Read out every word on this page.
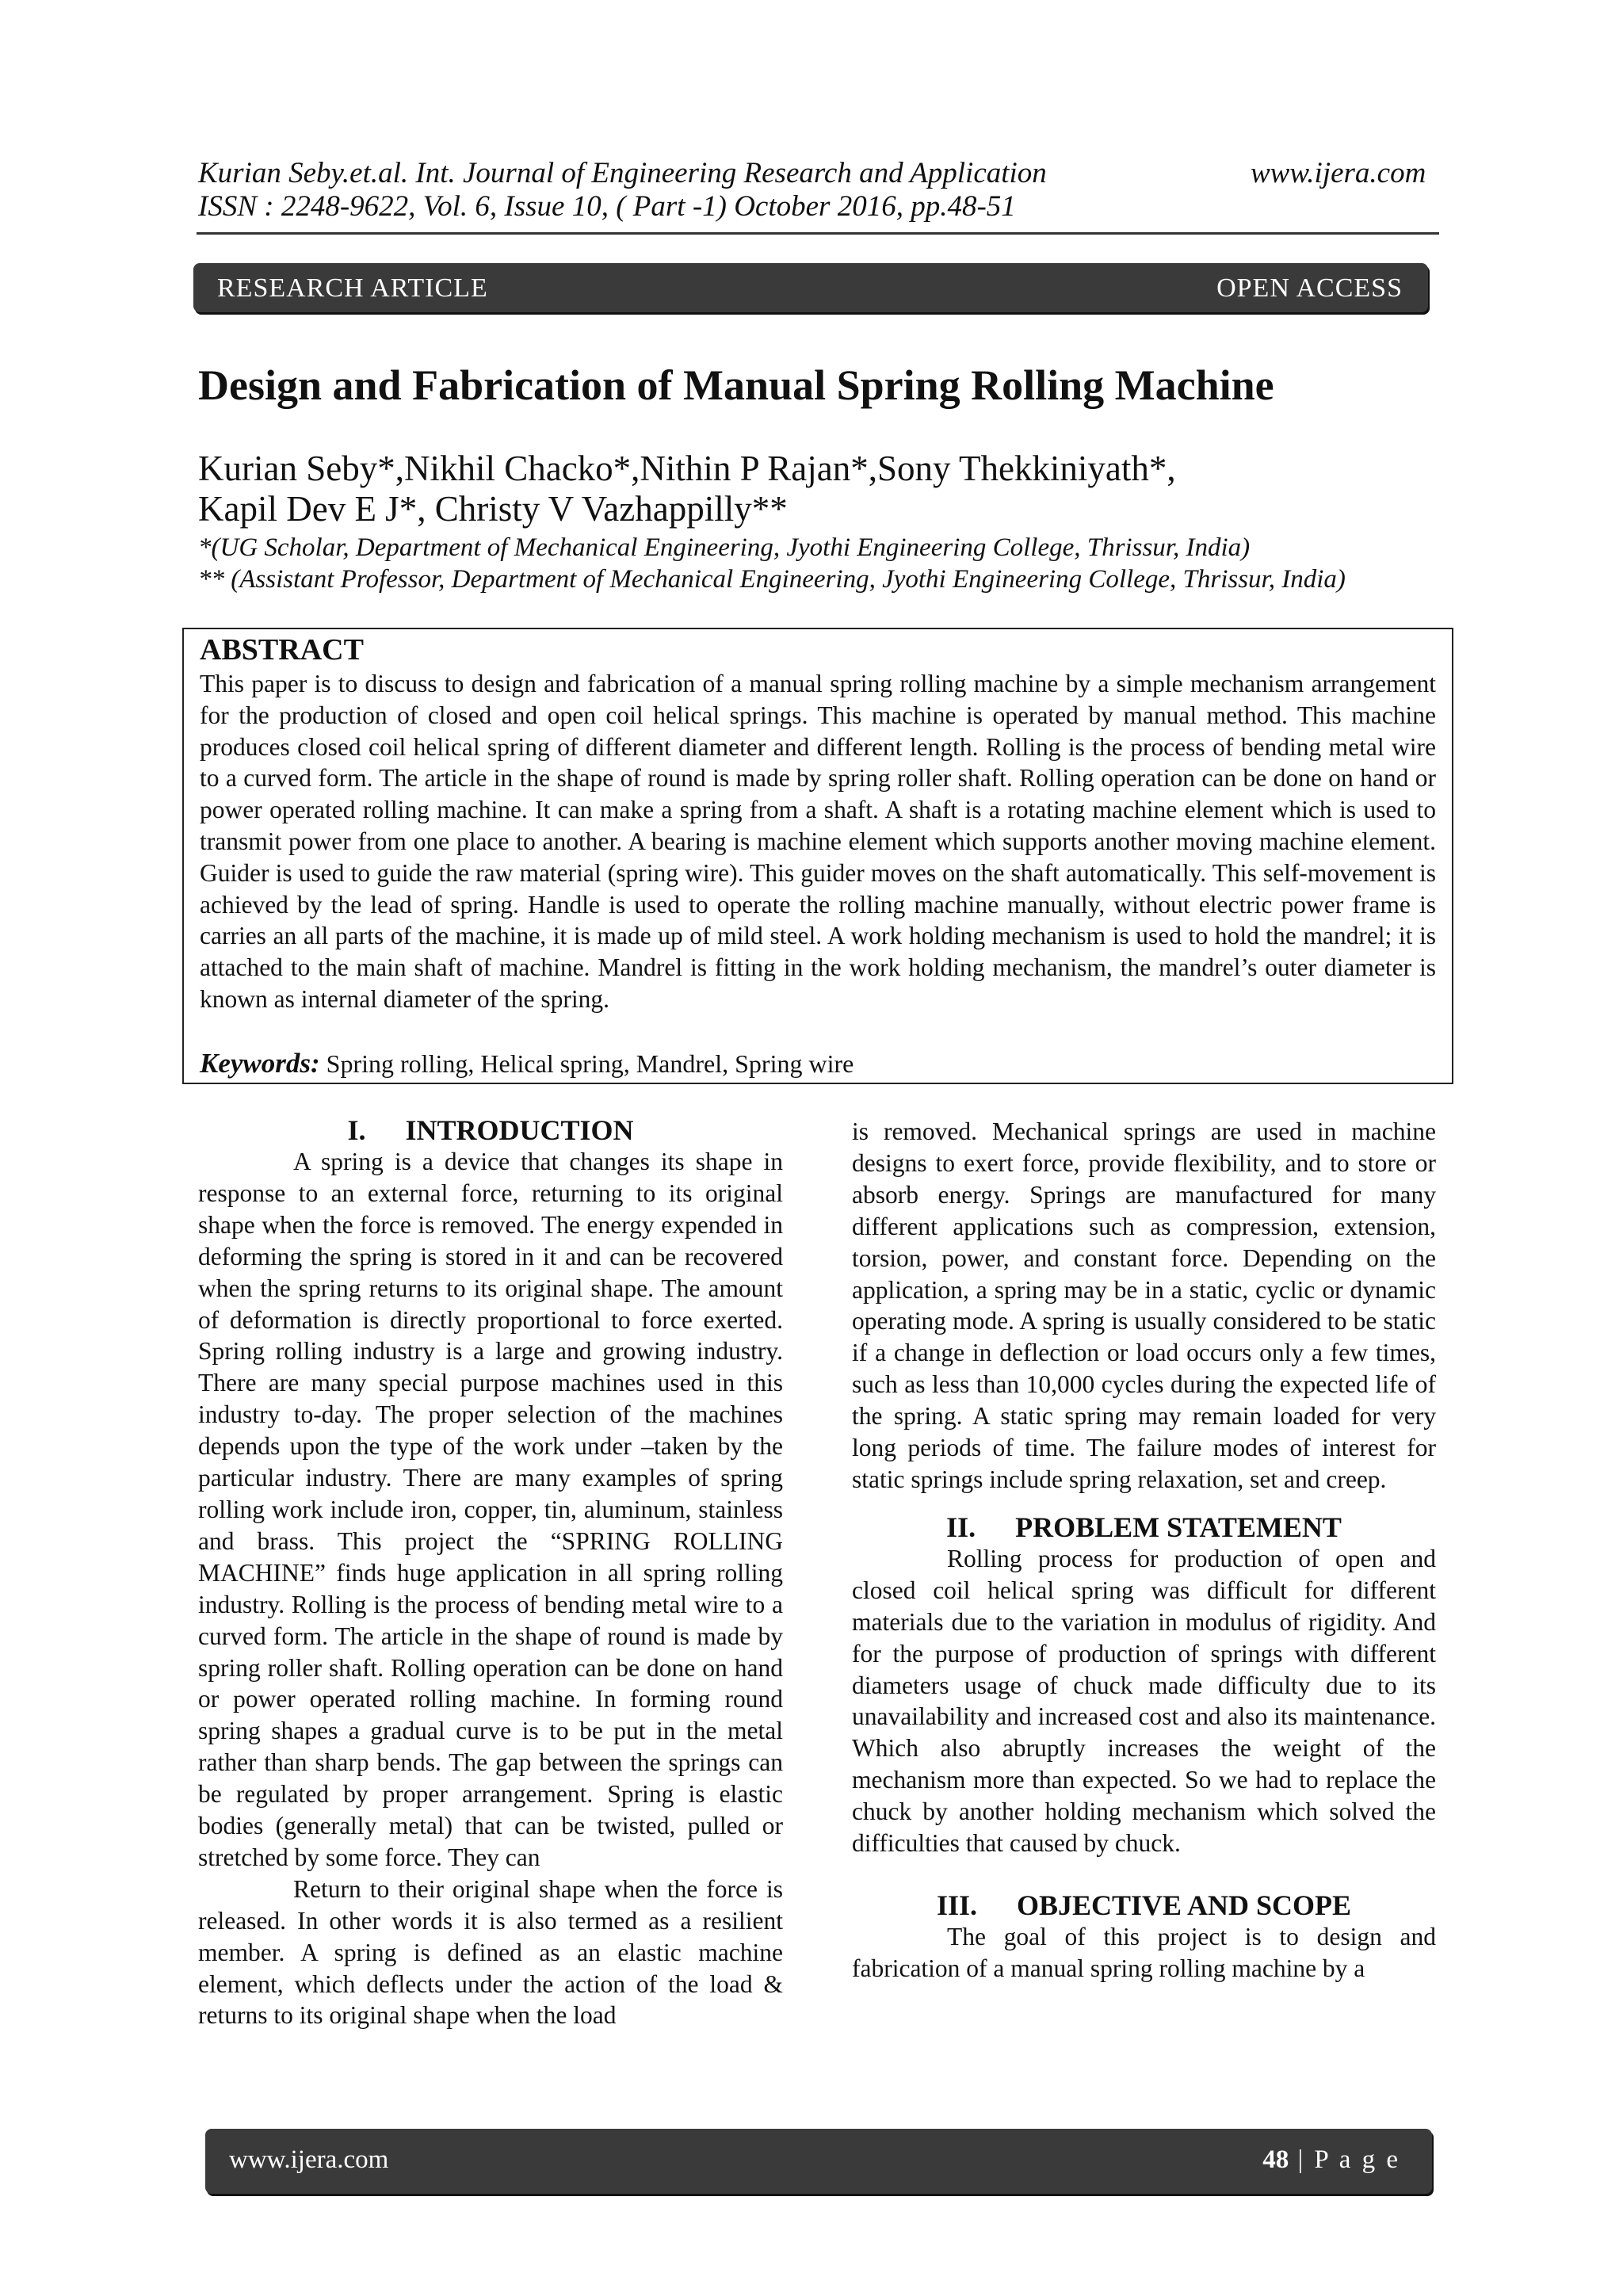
Kurian Seby.et.al. Int. Journal of Engineering Research and Application	www.ijera.com
ISSN : 2248-9622, Vol. 6, Issue 10, ( Part -1) October 2016, pp.48-51
RESEARCH ARTICLE	OPEN ACCESS
Design and Fabrication of Manual Spring Rolling Machine
Kurian Seby*,Nikhil Chacko*,Nithin P Rajan*,Sony Thekkiniyath*,
Kapil Dev E J*, Christy V Vazhappilly**
*(UG Scholar, Department of Mechanical Engineering, Jyothi Engineering College, Thrissur, India)
** (Assistant Professor, Department of Mechanical Engineering, Jyothi Engineering College, Thrissur, India)
ABSTRACT
This paper is to discuss to design and fabrication of a manual spring rolling machine by a simple mechanism arrangement for the production of closed and open coil helical springs. This machine is operated by manual method. This machine produces closed coil helical spring of different diameter and different length. Rolling is the process of bending metal wire to a curved form. The article in the shape of round is made by spring roller shaft. Rolling operation can be done on hand or power operated rolling machine. It can make a spring from a shaft. A shaft is a rotating machine element which is used to transmit power from one place to another. A bearing is machine element which supports another moving machine element. Guider is used to guide the raw material (spring wire). This guider moves on the shaft automatically. This self-movement is achieved by the lead of spring. Handle is used to operate the rolling machine manually, without electric power frame is carries an all parts of the machine, it is made up of mild steel. A work holding mechanism is used to hold the mandrel; it is attached to the main shaft of machine. Mandrel is fitting in the work holding mechanism, the mandrel’s outer diameter is known as internal diameter of the spring.
Keywords: Spring rolling, Helical spring, Mandrel, Spring wire
I. INTRODUCTION
A spring is a device that changes its shape in response to an external force, returning to its original shape when the force is removed. The energy expended in deforming the spring is stored in it and can be recovered when the spring returns to its original shape. The amount of deformation is directly proportional to force exerted. Spring rolling industry is a large and growing industry. There are many special purpose machines used in this industry to-day. The proper selection of the machines depends upon the type of the work under –taken by the particular industry. There are many examples of spring rolling work include iron, copper, tin, aluminum, stainless and brass. This project the “SPRING ROLLING MACHINE” finds huge application in all spring rolling industry. Rolling is the process of bending metal wire to a curved form. The article in the shape of round is made by spring roller shaft. Rolling operation can be done on hand or power operated rolling machine. In forming round spring shapes a gradual curve is to be put in the metal rather than sharp bends. The gap between the springs can be regulated by proper arrangement. Spring is elastic bodies (generally metal) that can be twisted, pulled or stretched by some force. They can
Return to their original shape when the force is released. In other words it is also termed as a resilient member. A spring is defined as an elastic machine element, which deflects under the action of the load & returns to its original shape when the load
is removed. Mechanical springs are used in machine designs to exert force, provide flexibility, and to store or absorb energy. Springs are manufactured for many different applications such as compression, extension, torsion, power, and constant force. Depending on the application, a spring may be in a static, cyclic or dynamic operating mode. A spring is usually considered to be static if a change in deflection or load occurs only a few times, such as less than 10,000 cycles during the expected life of the spring. A static spring may remain loaded for very long periods of time. The failure modes of interest for static springs include spring relaxation, set and creep.
II. PROBLEM STATEMENT
Rolling process for production of open and closed coil helical spring was difficult for different materials due to the variation in modulus of rigidity. And for the purpose of production of springs with different diameters usage of chuck made difficulty due to its unavailability and increased cost and also its maintenance. Which also abruptly increases the weight of the mechanism more than expected. So we had to replace the chuck by another holding mechanism which solved the difficulties that caused by chuck.
III. OBJECTIVE AND SCOPE
The goal of this project is to design and fabrication of a manual spring rolling machine by a
www.ijera.com	48 | P a g e
